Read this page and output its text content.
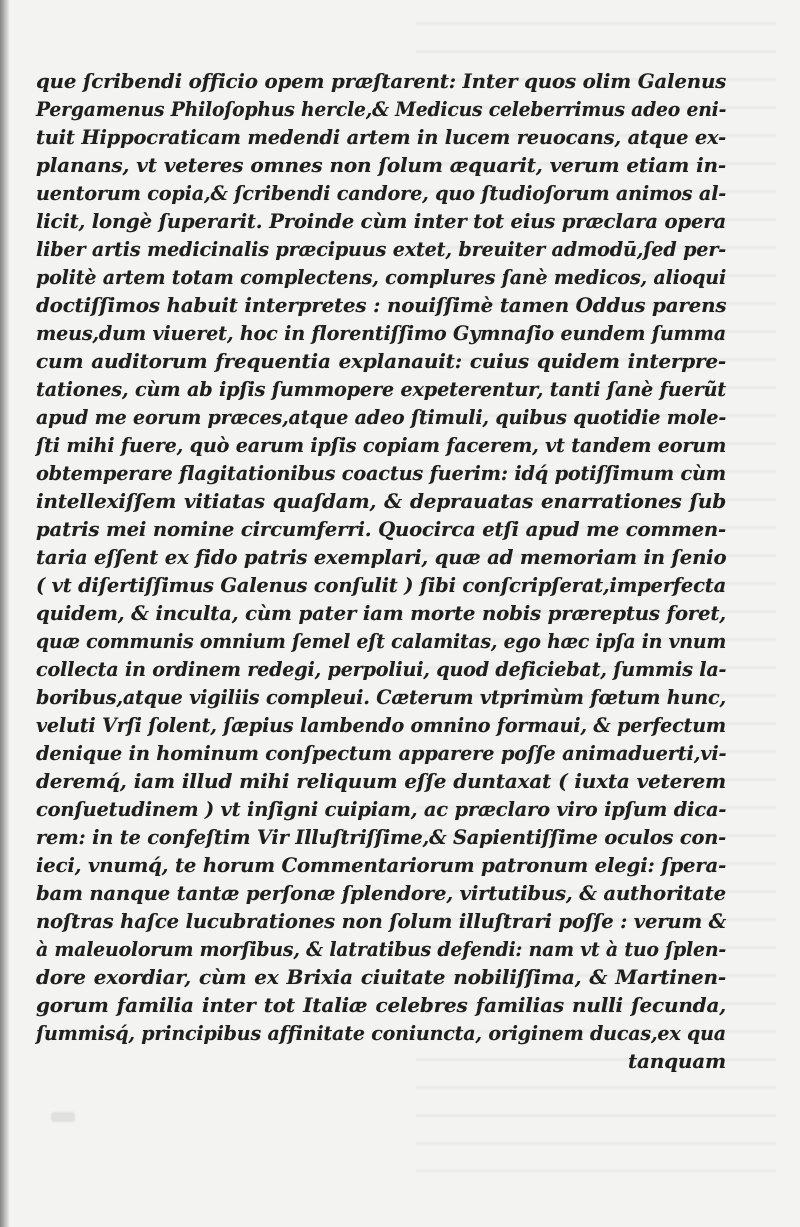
que ſcribendi officio opem præſtarent: Inter quos olim Galenus
Pergamenus Philoſophus hercle,& Medicus celeberrimus adeo eni-
tuit Hippocraticam medendi artem in lucem reuocans, atque ex-
planans, vt veteres omnes non ſolum æquarit, verum etiam in-
uentorum copia,& ſcribendi candore, quo ſtudioſorum animos al-
licit, longè ſuperarit. Proinde cùm inter tot eius præclara opera
liber artis medicinalis præcipuus extet, breuiter admodū,ſed per-
politè artem totam complectens, complures ſanè medicos, alioqui
doctiſſimos habuit interpretes : nouiſſimè tamen Oddus parens
meus,dum viueret, hoc in florentiſſimo Gymnaſio eundem ſumma
cum auditorum frequentia explanauit: cuius quidem interpre-
tationes, cùm ab ipſis ſummopere expeterentur, tanti ſanè fuerũt
apud me eorum præces,atque adeo ſtimuli, quibus quotidie mole-
ſti mihi fuere, quò earum ipſis copiam facerem, vt tandem eorum
obtemperare flagitationibus coactus fuerim: idq́ potiſſimum cùm
intellexiſſem vitiatas quaſdam, & deprauatas enarrationes ſub
patris mei nomine circumferri. Quocirca etſi apud me commen-
taria eſſent ex fido patris exemplari, quæ ad memoriam in ſenio
( vt diſertiſſimus Galenus conſulit ) ſibi conſcripſerat,imperfecta
quidem, & inculta, cùm pater iam morte nobis præreptus foret,
quæ communis omnium ſemel eſt calamitas, ego hæc ipſa in vnum
collecta in ordinem redegi, perpoliui, quod deficiebat, ſummis la-
boribus,atque vigiliis compleui. Cæterum vtprimùm fœtum hunc,
veluti Vrſi ſolent, ſæpius lambendo omnino formaui, & perfectum
denique in hominum conſpectum apparere poſſe animaduerti,vi-
deremq́, iam illud mihi reliquum eſſe duntaxat ( iuxta veterem
conſuetudinem ) vt inſigni cuipiam, ac præclaro viro ipſum dica-
rem: in te confeſtim Vir Illuſtriſſime,& Sapientiſſime oculos con-
ieci, vnumq́, te horum Commentariorum patronum elegi: ſpera-
bam nanque tantæ perſonæ ſplendore, virtutibus, & authoritate
noſtras haſce lucubrationes non ſolum illuſtrari poſſe : verum &
à maleuolorum morſibus, & latratibus defendi: nam vt à tuo ſplen-
dore exordiar, cùm ex Brixia ciuitate nobiliſſima, & Martinen-
gorum familia inter tot Italiæ celebres familias nulli ſecunda,
ſummisq́, principibus affinitate coniuncta, originem ducas,ex qua
tanquam
